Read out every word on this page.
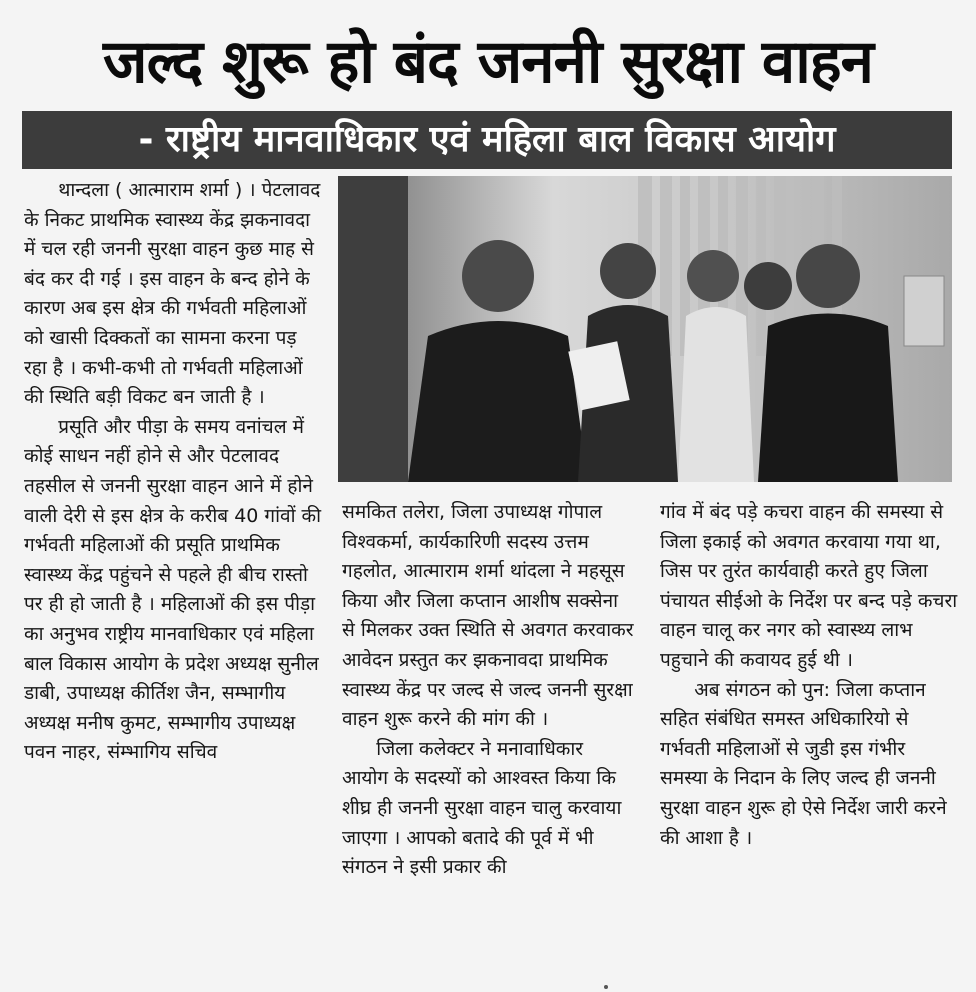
जल्द शुरू हो बंद जननी सुरक्षा वाहन
- राष्ट्रीय मानवाधिकार एवं महिला बाल विकास आयोग

थान्दला ( आत्माराम शर्मा ) । पेटलावद के निकट प्राथमिक स्वास्थ्य केंद्र झकनावदा में चल रही जननी सुरक्षा वाहन कुछ माह से बंद कर दी गई । इस वाहन के बन्द होने के कारण अब इस क्षेत्र की गर्भवती महिलाओं को खासी दिक्कतों का सामना करना पड़ रहा है । कभी-कभी तो गर्भवती महिलाओं की स्थिति बड़ी विकट बन जाती है ।

प्रसूति और पीड़ा के समय वनांचल में कोई साधन नहीं होने से और पेटलावद तहसील से जननी सुरक्षा वाहन आने में होने वाली देरी से इस क्षेत्र के करीब 40 गांवों की गर्भवती महिलाओं की प्रसूति प्राथमिक स्वास्थ्य केंद्र पहुंचने से पहले ही बीच रास्तो पर ही हो जाती है । महिलाओं की इस पीड़ा का अनुभव राष्ट्रीय मानवाधिकार एवं महिला बाल विकास आयोग के प्रदेश अध्यक्ष सुनील डाबी, उपाध्यक्ष कीर्तिश जैन, सम्भागीय अध्यक्ष मनीष कुमट, सम्भागीय उपाध्यक्ष पवन नाहर, संम्भागिय सचिव

समकित तलेरा, जिला उपाध्यक्ष गोपाल विश्वकर्मा, कार्यकारिणी सदस्य उत्तम गहलोत, आत्माराम शर्मा थांदला ने महसूस किया और जिला कप्तान आशीष सक्सेना से मिलकर उक्त स्थिति से अवगत करवाकर आवेदन प्रस्तुत कर झकनावदा प्राथमिक स्वास्थ्य केंद्र पर जल्द से जल्द जननी सुरक्षा वाहन शुरू करने की मांग की ।

जिला कलेक्टर ने मनावाधिकार आयोग के सदस्यों को आश्वस्त किया कि शीघ्र ही जननी सुरक्षा वाहन चालु करवाया जाएगा । आपको बतादे की पूर्व में भी संगठन ने इसी प्रकार की

गांव में बंद पड़े कचरा वाहन की समस्या से जिला इकाई को अवगत करवाया गया था, जिस पर तुरंत कार्यवाही करते हुए जिला पंचायत सीईओ के निर्देश पर बन्द पड़े कचरा वाहन चालू कर नगर को स्वास्थ्य लाभ पहुचाने की कवायद हुई थी ।

अब संगठन को पुन: जिला कप्तान सहित संबंधित समस्त अधिकारियो से गर्भवती महिलाओं से जुडी इस गंभीर समस्या के निदान के लिए जल्द ही जननी सुरक्षा वाहन शुरू हो ऐसे निर्देश जारी करने की आशा है ।
